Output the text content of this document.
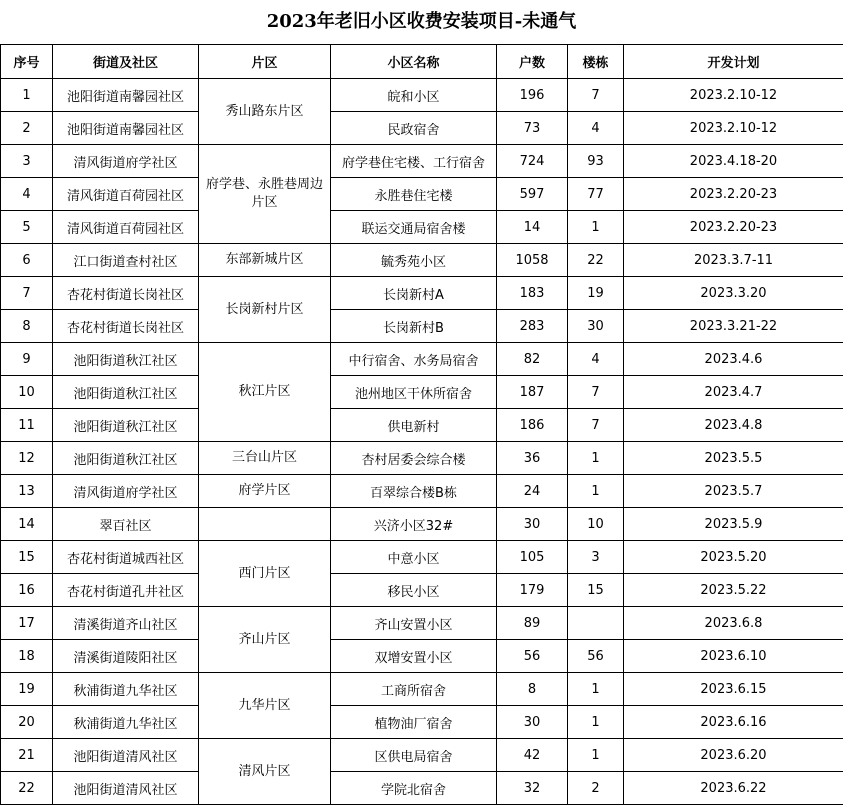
2023年老旧小区收费安装项目-未通气
序号	街道及社区	片区	小区名称	户数	楼栋	开发计划
1	池阳街道南馨园社区	秀山路东片区	皖和小区	196	7	2023.2.10-12
2	池阳街道南馨园社区		民政宿舍	73	4	2023.2.10-12
3	清风街道府学社区	府学巷、永胜巷周边片区	府学巷住宅楼、工行宿舍	724	93	2023.4.18-20
4	清风街道百荷园社区		永胜巷住宅楼	597	77	2023.2.20-23
5	清风街道百荷园社区		联运交通局宿舍楼	14	1	2023.2.20-23
6	江口街道查村社区	东部新城片区	毓秀苑小区	1058	22	2023.3.7-11
7	杏花村街道长岗社区	长岗新村片区	长岗新村A	183	19	2023.3.20
8	杏花村街道长岗社区		长岗新村B	283	30	2023.3.21-22
9	池阳街道秋江社区	秋江片区	中行宿舍、水务局宿舍	82	4	2023.4.6
10	池阳街道秋江社区		池州地区干休所宿舍	187	7	2023.4.7
11	池阳街道秋江社区		供电新村	186	7	2023.4.8
12	池阳街道秋江社区	三台山片区	杏村居委会综合楼	36	1	2023.5.5
13	清风街道府学社区	府学片区	百翠综合楼B栋	24	1	2023.5.7
14	翠百社区		兴济小区32#	30	10	2023.5.9
15	杏花村街道城西社区	西门片区	中意小区	105	3	2023.5.20
16	杏花村街道孔井社区		移民小区	179	15	2023.5.22
17	清溪街道齐山社区	齐山片区	齐山安置小区	89		2023.6.8
18	清溪街道陵阳社区		双增安置小区	56	56	2023.6.10
19	秋浦街道九华社区	九华片区	工商所宿舍	8	1	2023.6.15
20	秋浦街道九华社区		植物油厂宿舍	30	1	2023.6.16
21	池阳街道清风社区	清风片区	区供电局宿舍	42	1	2023.6.20
22	池阳街道清风社区		学院北宿舍	32	2	2023.6.22
